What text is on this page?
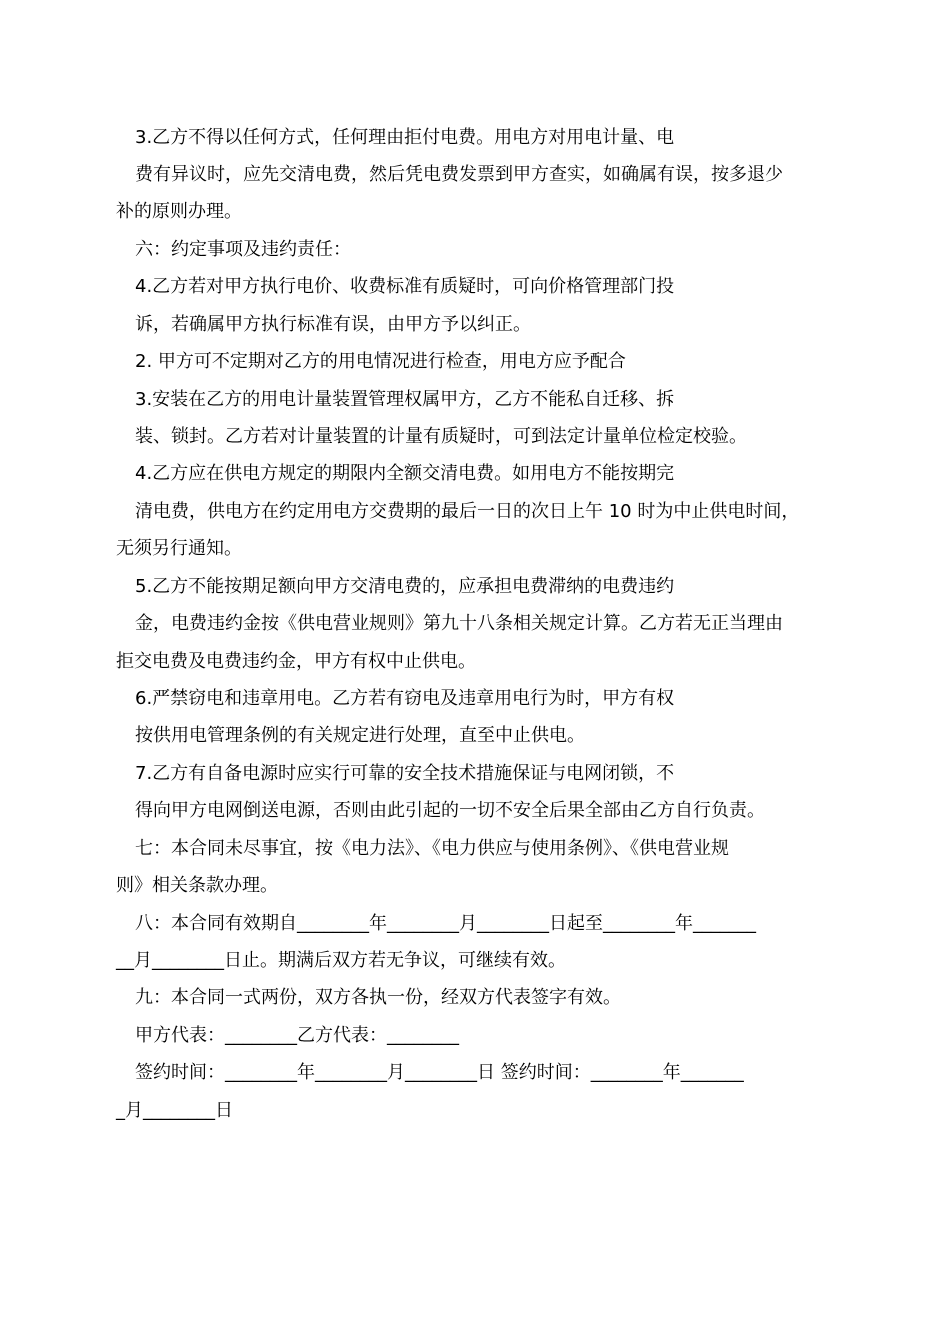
3.乙方不得以任何方式，任何理由拒付电费。用电方对用电计量、电
费有异议时，应先交清电费，然后凭电费发票到甲方查实，如确属有误，按多退少
补的原则办理。
六：约定事项及违约责任：
4.乙方若对甲方执行电价、收费标准有质疑时，可向价格管理部门投
诉，若确属甲方执行标准有误，由甲方予以纠正。
2. 甲方可不定期对乙方的用电情况进行检查，用电方应予配合
3.安装在乙方的用电计量装置管理权属甲方，乙方不能私自迁移、拆
装、锁封。乙方若对计量装置的计量有质疑时，可到法定计量单位检定校验。
4.乙方应在供电方规定的期限内全额交清电费。如用电方不能按期完
清电费，供电方在约定用电方交费期的最后一日的次日上午 10 时为中止供电时间，
无须另行通知。
5.乙方不能按期足额向甲方交清电费的，应承担电费滞纳的电费违约
金，电费违约金按《供电营业规则》第九十八条相关规定计算。乙方若无正当理由
拒交电费及电费违约金，甲方有权中止供电。
6.严禁窃电和违章用电。乙方若有窃电及违章用电行为时，甲方有权
按供用电管理条例的有关规定进行处理，直至中止供电。
7.乙方有自备电源时应实行可靠的安全技术措施保证与电网闭锁，不
得向甲方电网倒送电源，否则由此引起的一切不安全后果全部由乙方自行负责。
七：本合同未尽事宜，按《电力法》、《电力供应与使用条例》、《供电营业规
则》相关条款办理。
八：本合同有效期自________年________月________日起至________年_______
__月________日止。期满后双方若无争议，可继续有效。
九：本合同一式两份，双方各执一份，经双方代表签字有效。
甲方代表：________乙方代表：________
签约时间：________年________月________日 签约时间：________年_______
_月________日
